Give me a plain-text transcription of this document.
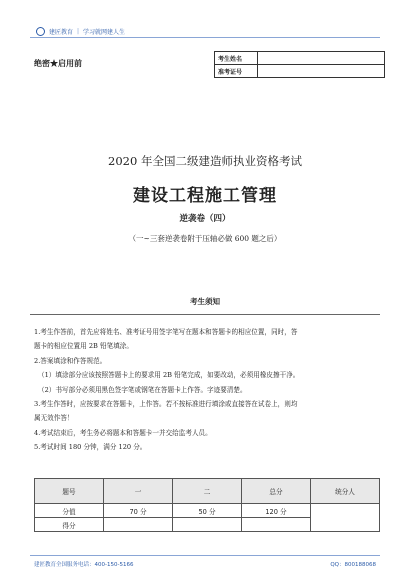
建匠教育 | 学习就网建人生
绝密★启用前	考生姓名	
准考证号	
2020 年全国二级建造师执业资格考试
建设工程施工管理
逆袭卷（四）
（一~三套逆袭卷附于压轴必做 600 题之后）
考生须知

1.考生作答前，首先应将姓名、准考证号用签字笔写在题本和答题卡的相应位置，同时，答

题卡的相应位置用 2B 铅笔填涂。

2.答案填涂和作答规范。

（1）填涂部分应该按照答题卡上的要求用 2B 铅笔完成，如要改动，必须用橡皮擦干净。

（2）书写部分必须用黑色签字笔或钢笔在答题卡上作答。字迹要清楚。

3.考生作答时，应按要求在答题卡，上作答。若不按标准进行填涂或直接答在试卷上，则均

属无效作答！

4.考试结束后，考生务必将题本和答题卡一并交给监考人员。

5.考试时间 180 分钟，满分 120 分。

题号	一	二	总分	统分人
分值	70 分	50 分	120 分	
得分				
建匠教育全国服务电话：400-150-5166	QQ：800188068
